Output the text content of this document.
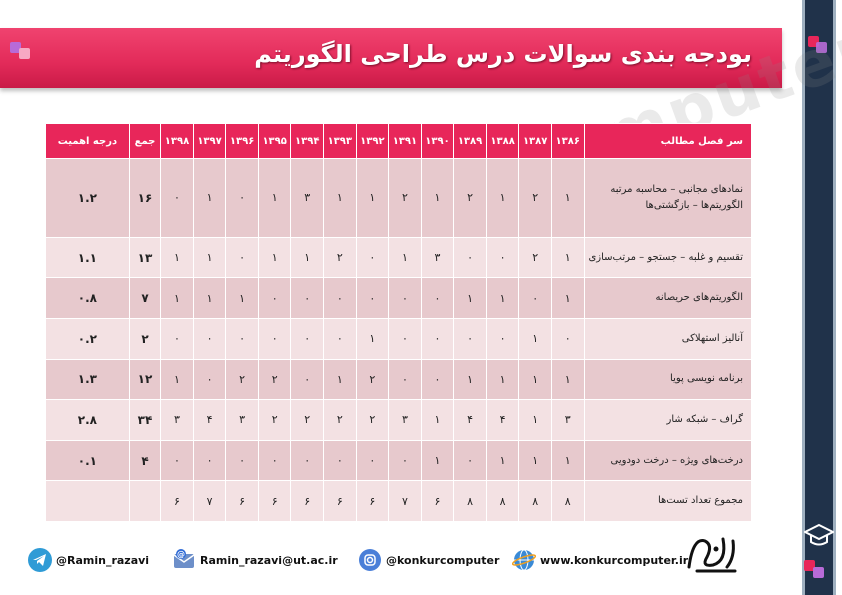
بودجه بندی سوالات درس طراحی الگوریتم
سر فصل مطالب	۱۳۸۶	۱۳۸۷	۱۳۸۸	۱۳۸۹	۱۳۹۰	۱۳۹۱	۱۳۹۲	۱۳۹۳	۱۳۹۴	۱۳۹۵	۱۳۹۶	۱۳۹۷	۱۳۹۸	جمع	درجه اهمیت
نمادهای مجانبی – محاسبه مرتبه الگوریتم‌ها – بازگشتی‌ها	۱	۲	۱	۲	۱	۲	۱	۱	۳	۱	۰	۱	۰	۱۶	۱.۲
تقسیم و غلبه – جستجو – مرتب‌سازی	۱	۲	۰	۰	۳	۱	۰	۲	۱	۱	۰	۱	۱	۱۳	۱.۱
الگوریتم‌های حریصانه	۱	۰	۱	۱	۰	۰	۰	۰	۰	۰	۱	۱	۱	۷	۰.۸
آنالیز استهلاکی	۰	۱	۰	۰	۰	۰	۱	۰	۰	۰	۰	۰	۰	۲	۰.۲
برنامه نویسی پویا	۱	۱	۱	۱	۰	۰	۲	۱	۰	۲	۲	۰	۱	۱۲	۱.۳
گراف – شبکه شار	۳	۱	۴	۴	۱	۳	۲	۲	۲	۲	۳	۴	۳	۳۴	۲.۸
درخت‌های ویژه – درخت دودویی	۱	۱	۱	۰	۱	۰	۰	۰	۰	۰	۰	۰	۰	۴	۰.۱
مجموع تعداد تست‌ها	۸	۸	۸	۸	۶	۷	۶	۶	۶	۶	۶	۷	۶		
@Ramin_razavi	@ Ramin_razavi@ut.ac.ir	@konkurcomputer	www.konkurcomputer.ir
